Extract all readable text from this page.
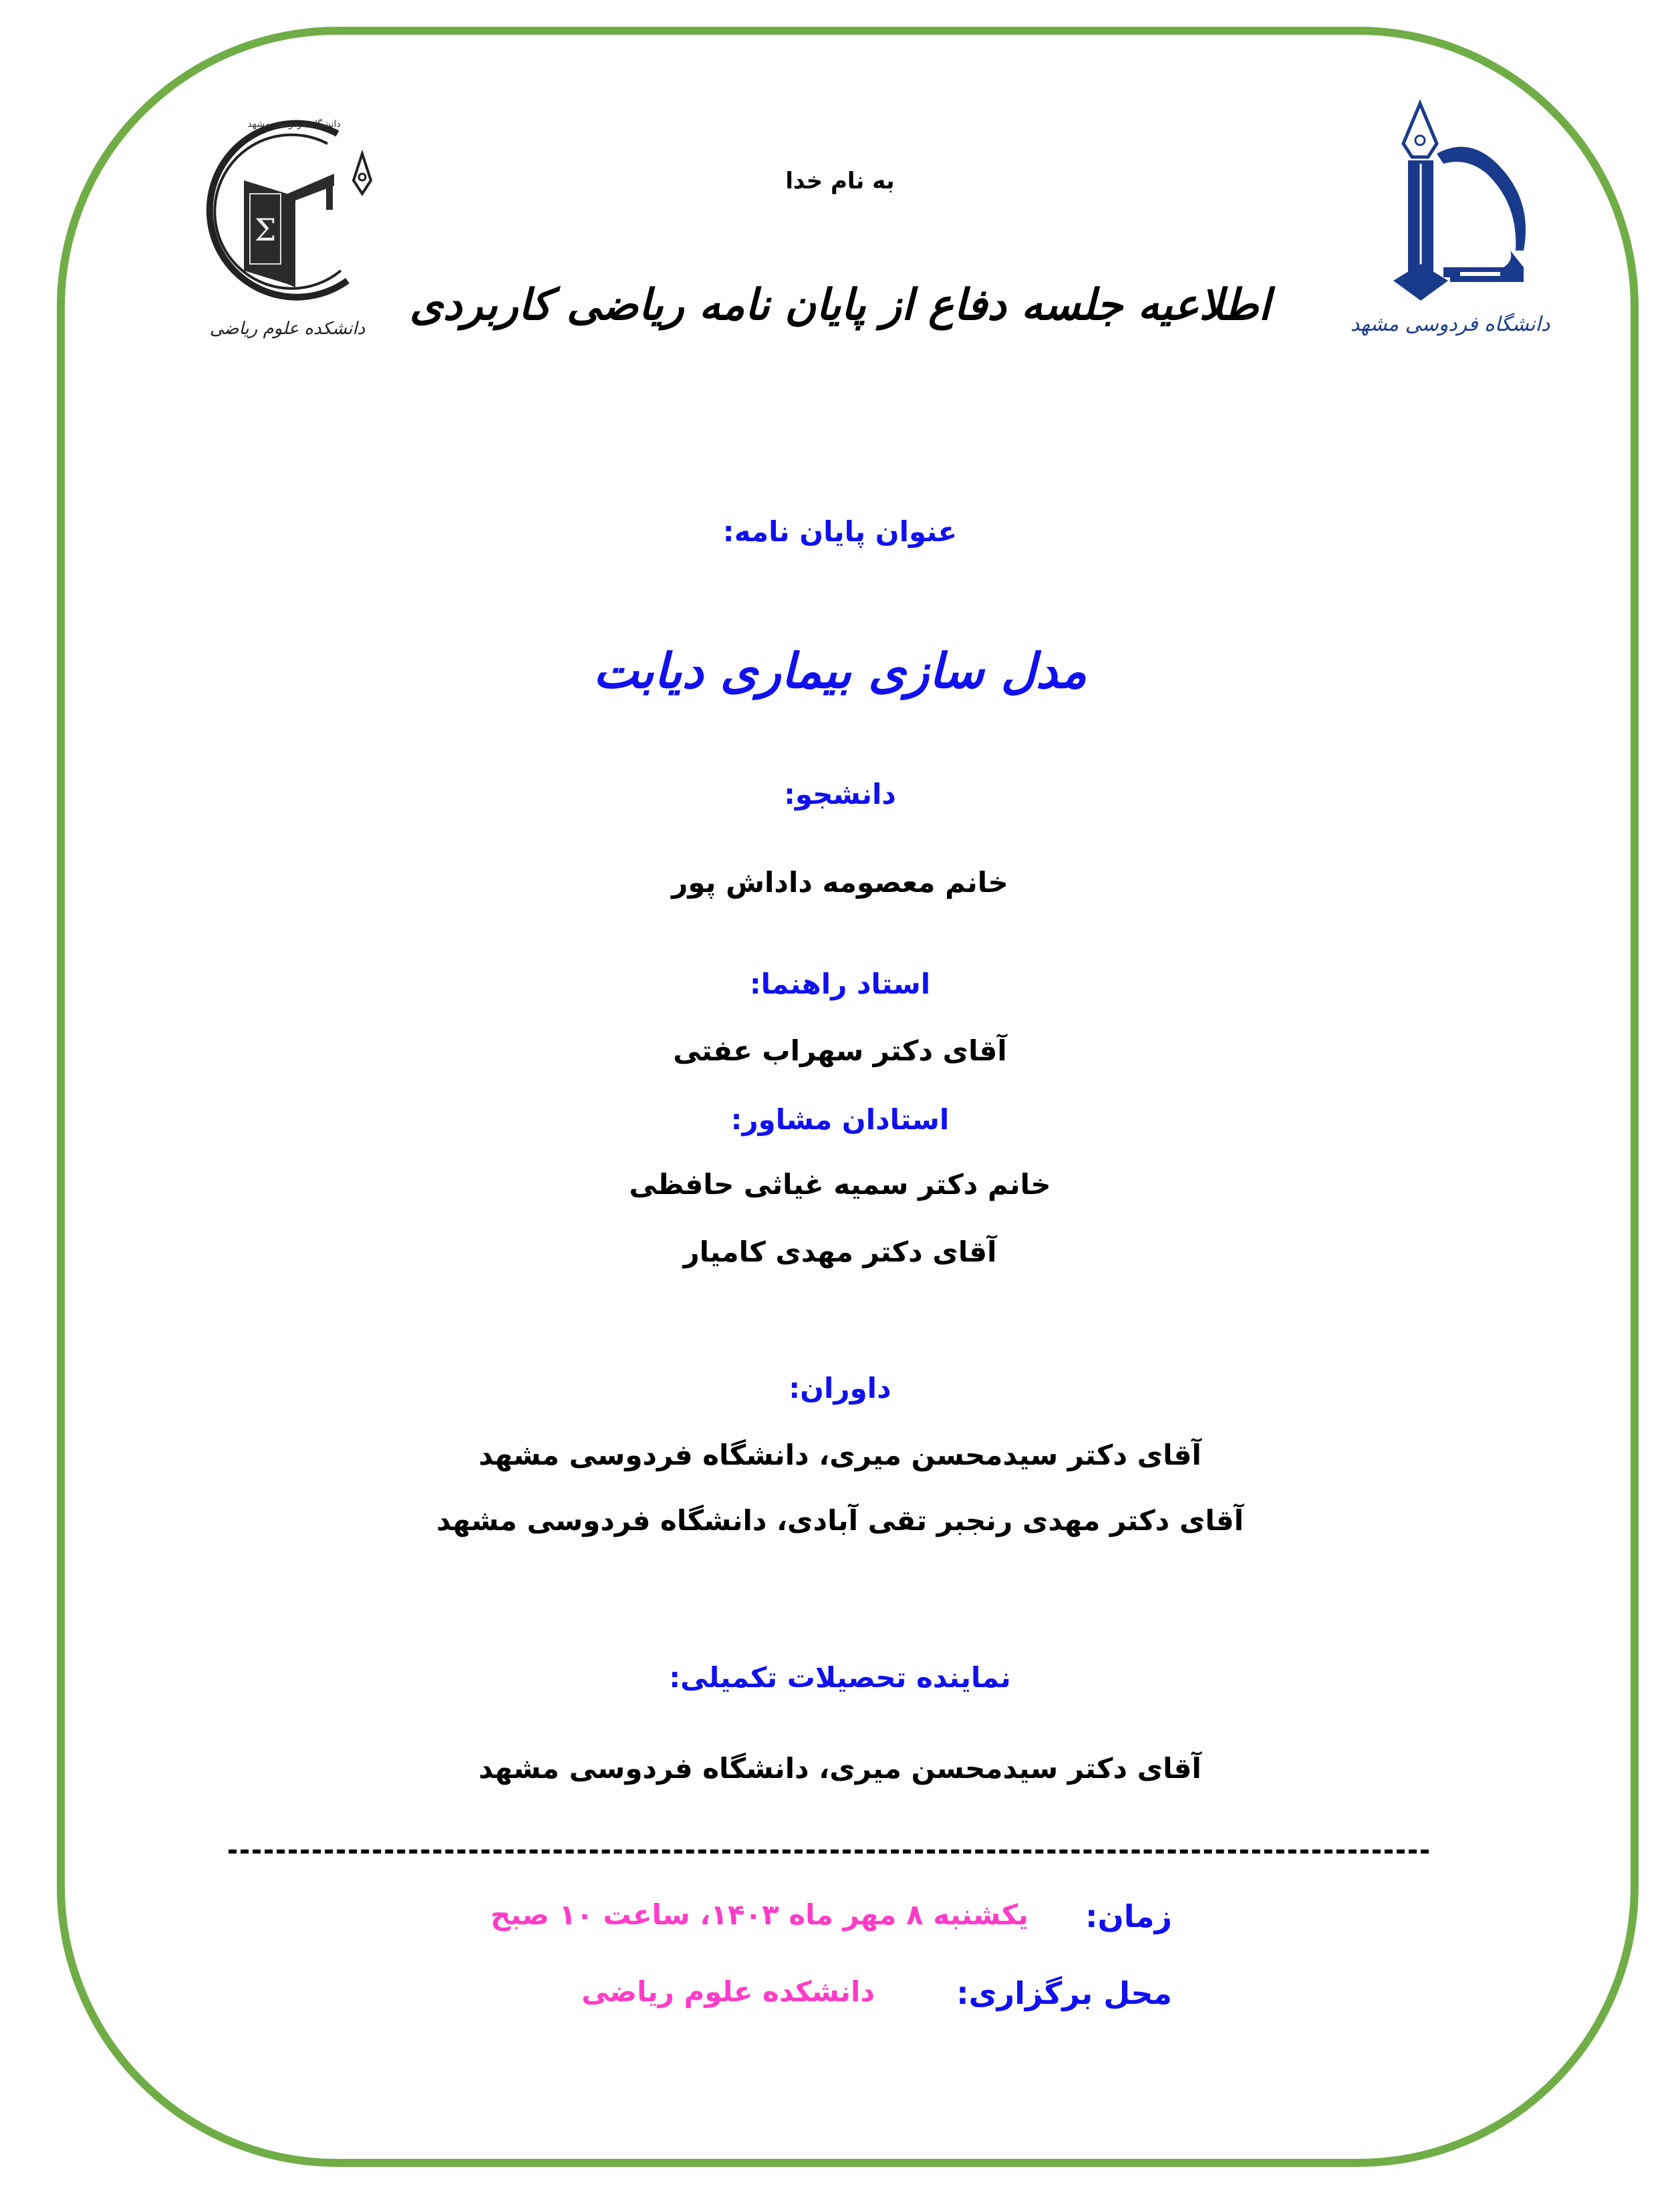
Σ
دانشگاه فردوسی مشهد
دانشکده علوم ریاضی	دانشگاه فردوسی مشهد
به نام خدا
اطلاعیه جلسه دفاع از پایان نامه ریاضی کاربردی
عنوان پایان نامه:
مدل سازی بیماری دیابت
دانشجو:
خانم معصومه داداش پور
استاد راهنما:
آقای دکتر سهراب عفتی
استادان مشاور:
خانم دکتر سمیه غیاثی حافظی
آقای دکتر مهدی کامیار
داوران:
آقای دکتر سیدمحسن میری، دانشگاه فردوسی مشهد
آقای دکتر مهدی رنجبر تقی آبادی، دانشگاه فردوسی مشهد
نماینده تحصیلات تکمیلی:
آقای دکتر سیدمحسن میری، دانشگاه فردوسی مشهد
زمان:
یکشنبه ۸ مهر ماه ۱۴۰۳، ساعت ۱۰ صبح
محل برگزاری:
دانشکده علوم ریاضی
